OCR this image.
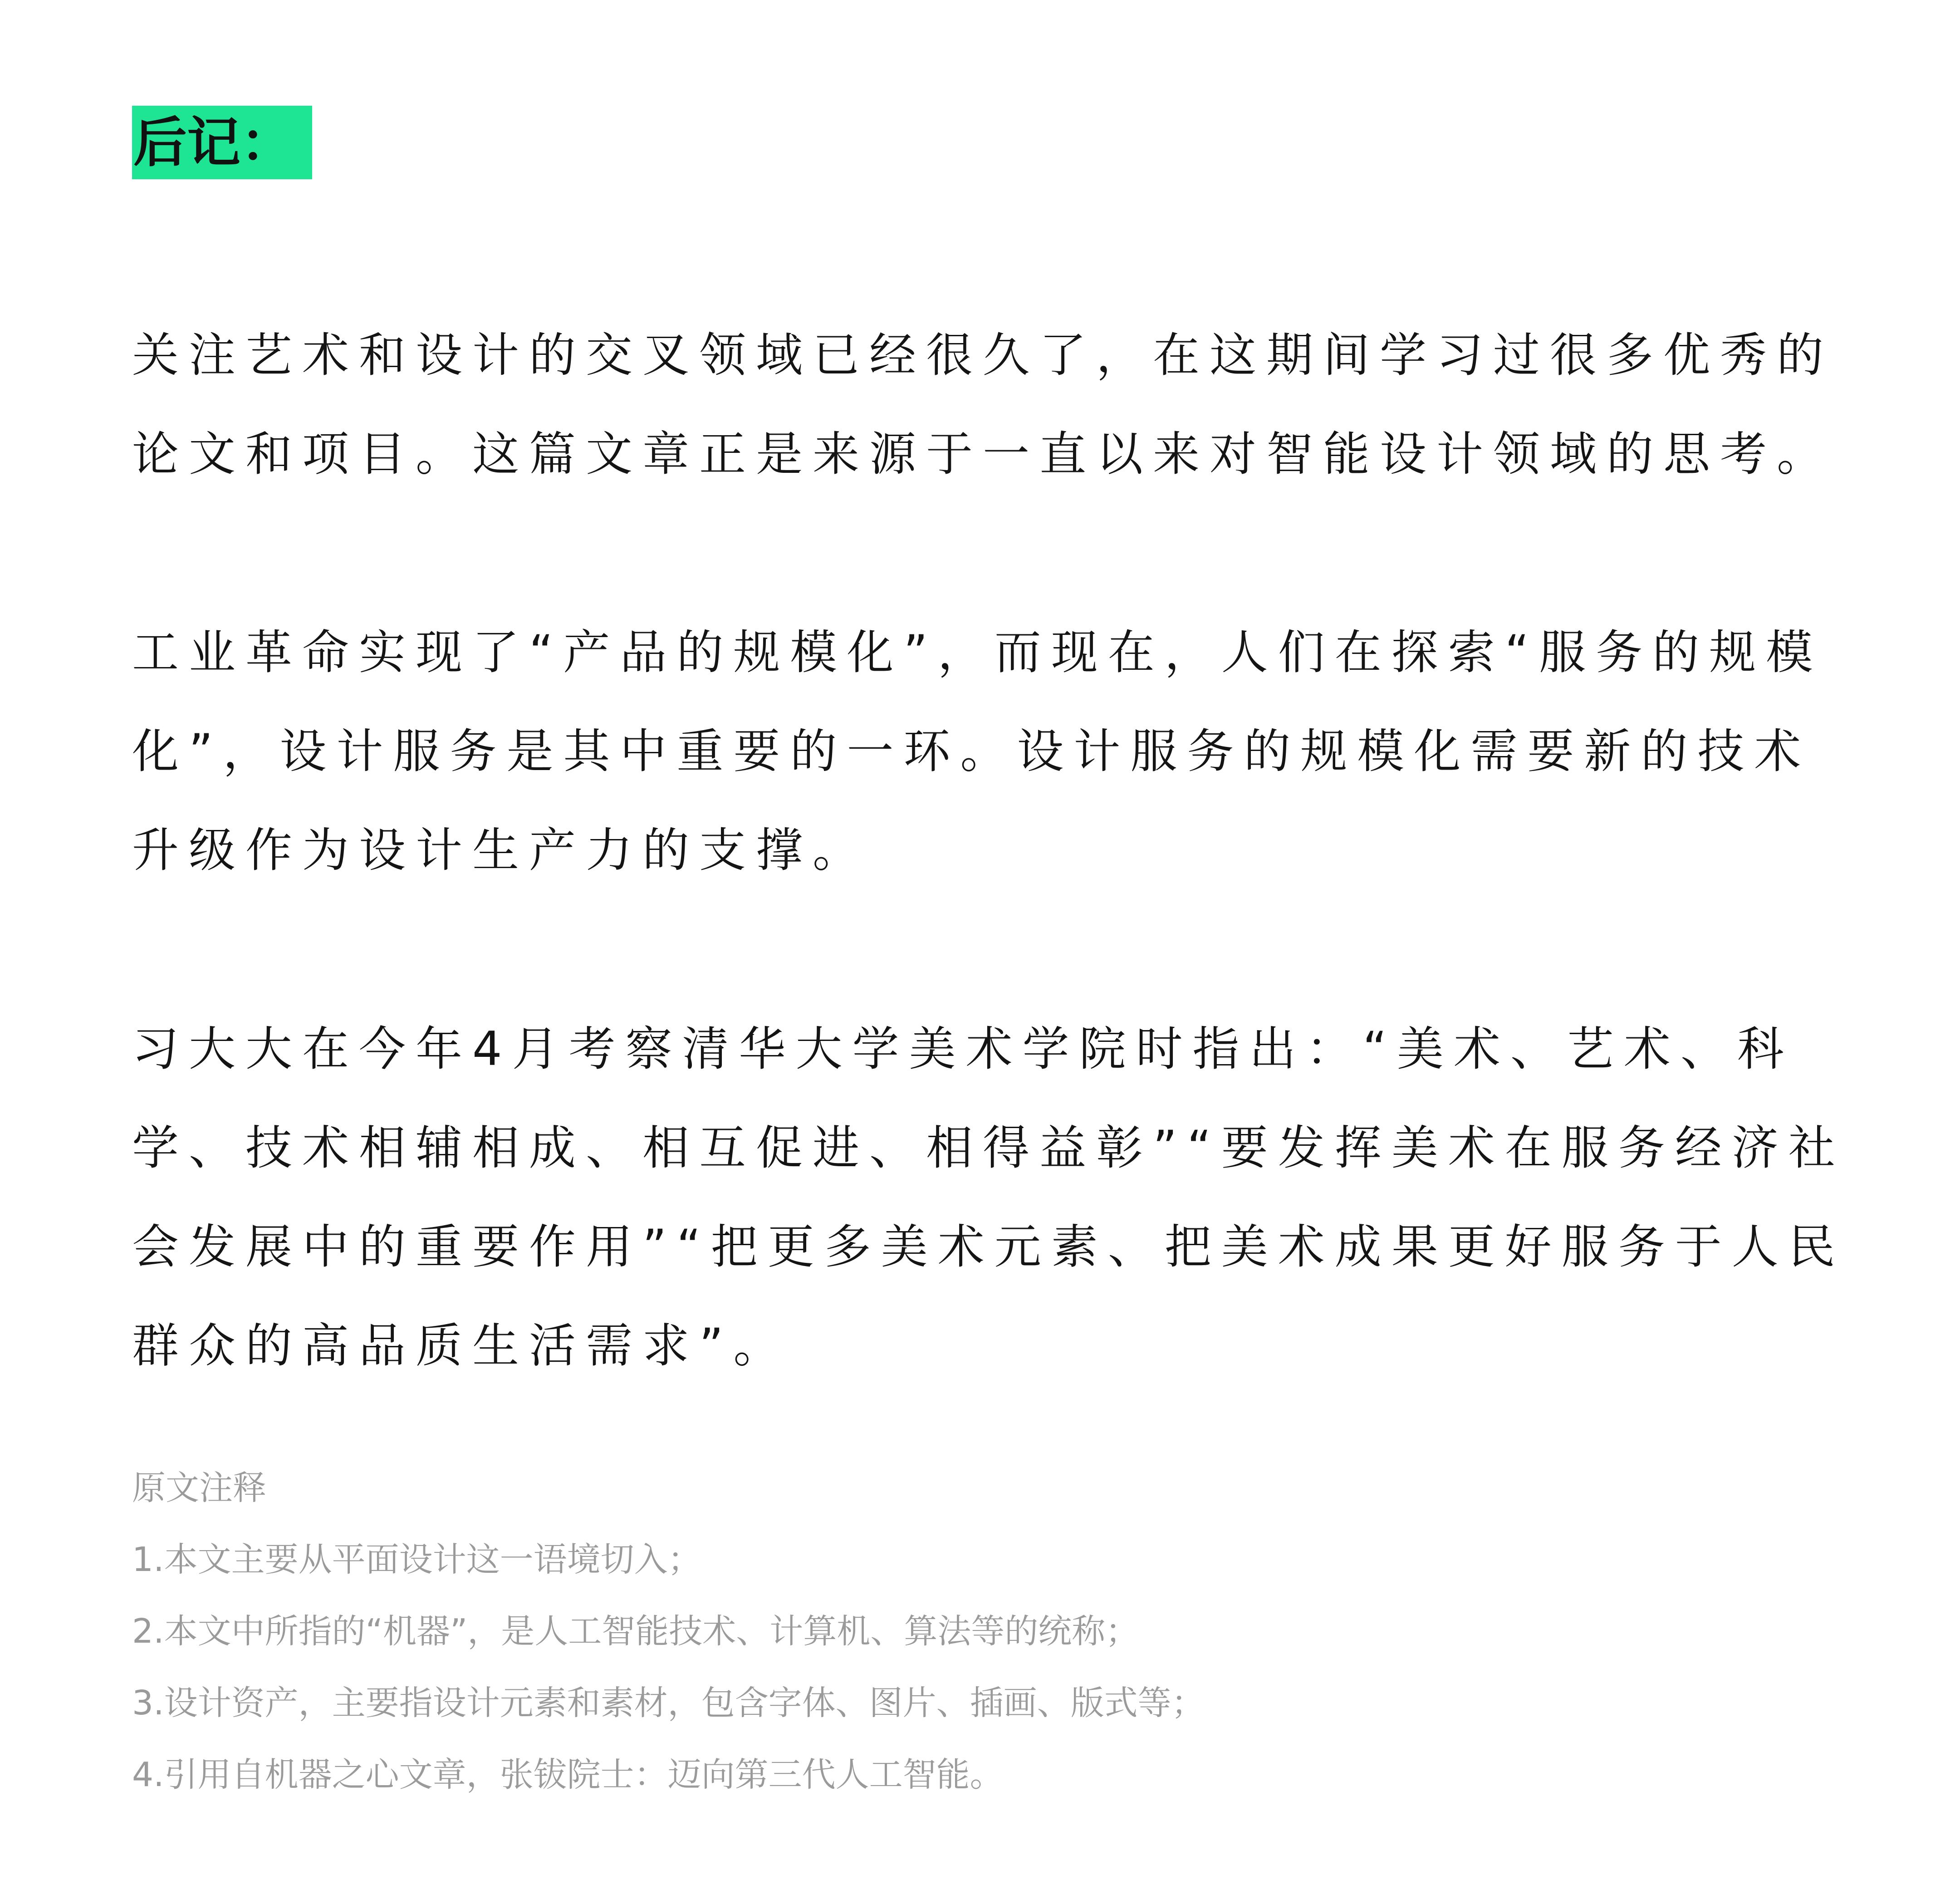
后记：

关注艺术和设计的交叉领域已经很久了，在这期间学习过很多优秀的
论文和项目。这篇文章正是来源于一直以来对智能设计领域的思考。

工业革命实现了“产品的规模化”，而现在，人们在探索“服务的规模
化”，设计服务是其中重要的一环。设计服务的规模化需要新的技术
升级作为设计生产力的支撑。

习大大在今年4月考察清华大学美术学院时指出：“美术、艺术、科
学、技术相辅相成、相互促进、相得益彰”“要发挥美术在服务经济社
会发展中的重要作用”“把更多美术元素、把美术成果更好服务于人民
群众的高品质生活需求”。

原文注释
1.本文主要从平面设计这一语境切入；
2.本文中所指的“机器”，是人工智能技术、计算机、算法等的统称；
3.设计资产，主要指设计元素和素材，包含字体、图片、插画、版式等；
4.引用自机器之心文章，张钹院士：迈向第三代人工智能。
